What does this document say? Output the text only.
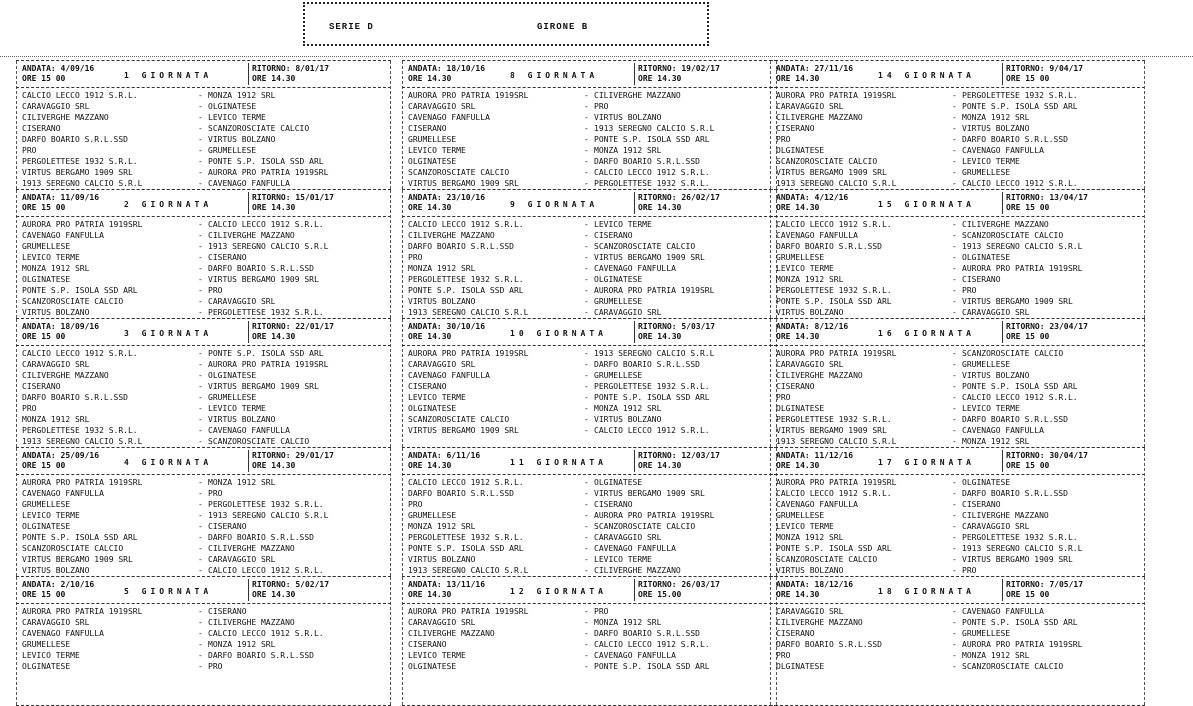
SERIE D	GIRONE B
ANDATA: 4/09/16	RITORNO: 8/01/17
ORE 15 00	ORE 14.30
1 GIORNATA
CALCIO LECCO 1912 S.R.L.	- MONZA 1912 SRL
CARAVAGGIO SRL	- OLGINATESE
CILIVERGHE MAZZANO	- LEVICO TERME
CISERANO	- SCANZOROSCIATE CALCIO
DARFO BOARIO S.R.L.SSD	- VIRTUS BOLZANO
PRO	- GRUMELLESE
PERGOLETTESE 1932 S.R.L.	- PONTE S.P. ISOLA SSD ARL
VIRTUS BERGAMO 1909 SRL	- AURORA PRO PATRIA 1919SRL
1913 SEREGNO CALCIO S.R.L	- CAVENAGO FANFULLA
ANDATA: 11/09/16	RITORNO: 15/01/17
ORE 15 00	ORE 14.30
2 GIORNATA
AURORA PRO PATRIA 1919SRL	- CALCIO LECCO 1912 S.R.L.
CAVENAGO FANFULLA	- CILIVERGHE MAZZANO
GRUMELLESE	- 1913 SEREGNO CALCIO S.R.L
LEVICO TERME	- CISERANO
MONZA 1912 SRL	- DARFO BOARIO S.R.L.SSD
OLGINATESE	- VIRTUS BERGAMO 1909 SRL
PONTE S.P. ISOLA SSD ARL	- PRO
SCANZOROSCIATE CALCIO	- CARAVAGGIO SRL
VIRTUS BOLZANO	- PERGOLETTESE 1932 S.R.L.
ANDATA: 18/09/16	RITORNO: 22/01/17
ORE 15 00	ORE 14.30
3 GIORNATA
CALCIO LECCO 1912 S.R.L.	- PONTE S.P. ISOLA SSD ARL
CARAVAGGIO SRL	- AURORA PRO PATRIA 1919SRL
CILIVERGHE MAZZANO	- OLGINATESE
CISERANO	- VIRTUS BERGAMO 1909 SRL
DARFO BOARIO S.R.L.SSD	- GRUMELLESE
PRO	- LEVICO TERME
MONZA 1912 SRL	- VIRTUS BOLZANO
PERGOLETTESE 1932 S.R.L.	- CAVENAGO FANFULLA
1913 SEREGNO CALCIO S.R.L	- SCANZOROSCIATE CALCIO
ANDATA: 25/09/16	RITORNO: 29/01/17
ORE 15 00	ORE 14.30
4 GIORNATA
AURORA PRO PATRIA 1919SRL	- MONZA 1912 SRL
CAVENAGO FANFULLA	- PRO
GRUMELLESE	- PERGOLETTESE 1932 S.R.L.
LEVICO TERME	- 1913 SEREGNO CALCIO S.R.L
OLGINATESE	- CISERANO
PONTE S.P. ISOLA SSD ARL	- DARFO BOARIO S.R.L.SSD
SCANZOROSCIATE CALCIO	- CILIVERGHE MAZZANO
VIRTUS BERGAMO 1909 SRL	- CARAVAGGIO SRL
VIRTUS BOLZANO	- CALCIO LECCO 1912 S.R.L.
ANDATA: 2/10/16	RITORNO: 5/02/17
ORE 15 00	ORE 14.30
5 GIORNATA
AURORA PRO PATRIA 1919SRL	- CISERANO
CARAVAGGIO SRL	- CILIVERGHE MAZZANO
CAVENAGO FANFULLA	- CALCIO LECCO 1912 S.R.L.
GRUMELLESE	- MONZA 1912 SRL
LEVICO TERME	- DARFO BOARIO S.R.L.SSD
OLGINATESE	- PRO
ANDATA: 18/10/16	RITORNO: 19/02/17
ORE 14.30	ORE 14.30
8 GIORNATA
AURORA PRO PATRIA 1919SRL	- CILIVERGHE MAZZANO
CARAVAGGIO SRL	- PRO
CAVENAGO FANFULLA	- VIRTUS BOLZANO
CISERANO	- 1913 SEREGNO CALCIO S.R.L
GRUMELLESE	- PONTE S.P. ISOLA SSD ARL
LEVICO TERME	- MONZA 1912 SRL
OLGINATESE	- DARFO BOARIO S.R.L.SSD
SCANZOROSCIATE CALCIO	- CALCIO LECCO 1912 S.R.L.
VIRTUS BERGAMO 1909 SRL	- PERGOLETTESE 1932 S.R.L.
ANDATA: 23/10/16	RITORNO: 26/02/17
ORE 14.30	ORE 14.30
9 GIORNATA
CALCIO LECCO 1912 S.R.L.	- LEVICO TERME
CILIVERGHE MAZZANO	- CISERANO
DARFO BOARIO S.R.L.SSD	- SCANZOROSCIATE CALCIO
PRO	- VIRTUS BERGAMO 1909 SRL
MONZA 1912 SRL	- CAVENAGO FANFULLA
PERGOLETTESE 1932 S.R.L.	- OLGINATESE
PONTE S.P. ISOLA SSD ARL	- AURORA PRO PATRIA 1919SRL
VIRTUS BOLZANO	- GRUMELLESE
1913 SEREGNO CALCIO S.R.L	- CARAVAGGIO SRL
ANDATA: 30/10/16	RITORNO: 5/03/17
ORE 14.30	ORE 14.30
10 GIORNATA
AURORA PRO PATRIA 1919SRL	- 1913 SEREGNO CALCIO S.R.L
CARAVAGGIO SRL	- DARFO BOARIO S.R.L.SSD
CAVENAGO FANFULLA	- GRUMELLESE
CISERANO	- PERGOLETTESE 1932 S.R.L.
LEVICO TERME	- PONTE S.P. ISOLA SSD ARL
OLGINATESE	- MONZA 1912 SRL
SCANZOROSCIATE CALCIO	- VIRTUS BOLZANO
VIRTUS BERGAMO 1909 SRL	- CALCIO LECCO 1912 S.R.L.
ANDATA: 6/11/16	RITORNO: 12/03/17
ORE 14.30	ORE 14.30
11 GIORNATA
CALCIO LECCO 1912 S.R.L.	- OLGINATESE
DARFO BOARIO S.R.L.SSD	- VIRTUS BERGAMO 1909 SRL
PRO	- CISERANO
GRUMELLESE	- AURORA PRO PATRIA 1919SRL
MONZA 1912 SRL	- SCANZOROSCIATE CALCIO
PERGOLETTESE 1932 S.R.L.	- CARAVAGGIO SRL
PONTE S.P. ISOLA SSD ARL	- CAVENAGO FANFULLA
VIRTUS BOLZANO	- LEVICO TERME
1913 SEREGNO CALCIO S.R.L	- CILIVERGHE MAZZANO
ANDATA: 13/11/16	RITORNO: 26/03/17
ORE 14.30	ORE 15.00
12 GIORNATA
AURORA PRO PATRIA 1919SRL	- PRO
CARAVAGGIO SRL	- MONZA 1912 SRL
CILIVERGHE MAZZANO	- DARFO BOARIO S.R.L.SSD
CISERANO	- CALCIO LECCO 1912 S.R.L.
LEVICO TERME	- CAVENAGO FANFULLA
OLGINATESE	- PONTE S.P. ISOLA SSD ARL
ANDATA: 27/11/16	RITORNO: 9/04/17
ORE 14.30	ORE 15 00
14 GIORNATA
AURORA PRO PATRIA 1919SRL	- PERGOLETTESE 1932 S.R.L.
CARAVAGGIO SRL	- PONTE S.P. ISOLA SSD ARL
CILIVERGHE MAZZANO	- MONZA 1912 SRL
CISERANO	- VIRTUS BOLZANO
PRO	- DARFO BOARIO S.R.L.SSD
OLGINATESE	- CAVENAGO FANFULLA
SCANZOROSCIATE CALCIO	- LEVICO TERME
VIRTUS BERGAMO 1909 SRL	- GRUMELLESE
1913 SEREGNO CALCIO S.R.L	- CALCIO LECCO 1912 S.R.L.
ANDATA: 4/12/16	RITORNO: 13/04/17
ORE 14.30	ORE 15 00
15 GIORNATA
CALCIO LECCO 1912 S.R.L.	- CILIVERGHE MAZZANO
CAVENAGO FANFULLA	- SCANZOROSCIATE CALCIO
DARFO BOARIO S.R.L.SSD	- 1913 SEREGNO CALCIO S.R.L
GRUMELLESE	- OLGINATESE
LEVICO TERME	- AURORA PRO PATRIA 1919SRL
MONZA 1912 SRL	- CISERANO
PERGOLETTESE 1932 S.R.L.	- PRO
PONTE S.P. ISOLA SSD ARL	- VIRTUS BERGAMO 1909 SRL
VIRTUS BOLZANO	- CARAVAGGIO SRL
ANDATA: 8/12/16	RITORNO: 23/04/17
ORE 14.30	ORE 15 00
16 GIORNATA
AURORA PRO PATRIA 1919SRL	- SCANZOROSCIATE CALCIO
CARAVAGGIO SRL	- GRUMELLESE
CILIVERGHE MAZZANO	- VIRTUS BOLZANO
CISERANO	- PONTE S.P. ISOLA SSD ARL
PRO	- CALCIO LECCO 1912 S.R.L.
OLGINATESE	- LEVICO TERME
PERGOLETTESE 1932 S.R.L.	- DARFO BOARIO S.R.L.SSD
VIRTUS BERGAMO 1909 SRL	- CAVENAGO FANFULLA
1913 SEREGNO CALCIO S.R.L	- MONZA 1912 SRL
ANDATA: 11/12/16	RITORNO: 30/04/17
ORE 14.30	ORE 15 00
17 GIORNATA
AURORA PRO PATRIA 1919SRL	- OLGINATESE
CALCIO LECCO 1912 S.R.L.	- DARFO BOARIO S.R.L.SSD
CAVENAGO FANFULLA	- CISERANO
GRUMELLESE	- CILIVERGHE MAZZANO
LEVICO TERME	- CARAVAGGIO SRL
MONZA 1912 SRL	- PERGOLETTESE 1932 S.R.L.
PONTE S.P. ISOLA SSD ARL	- 1913 SEREGNO CALCIO S.R.L
SCANZOROSCIATE CALCIO	- VIRTUS BERGAMO 1909 SRL
VIRTUS BOLZANO	- PRO
ANDATA: 18/12/16	RITORNO: 7/05/17
ORE 14.30	ORE 15 00
18 GIORNATA
CARAVAGGIO SRL	- CAVENAGO FANFULLA
CILIVERGHE MAZZANO	- PONTE S.P. ISOLA SSD ARL
CISERANO	- GRUMELLESE
DARFO BOARIO S.R.L.SSD	- AURORA PRO PATRIA 1919SRL
PRO	- MONZA 1912 SRL
OLGINATESE	- SCANZOROSCIATE CALCIO
